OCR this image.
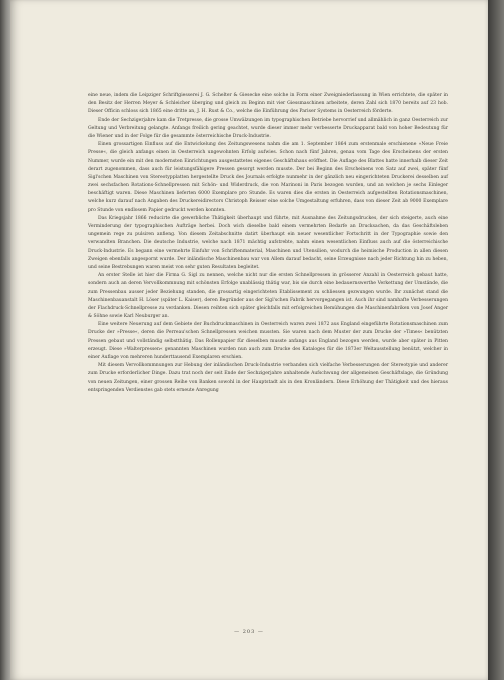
eine neue, indem die Leipziger Schriftgiesserei J. G. Schelter & Giesecke eine solche in Form einer Zweigniederlassung in Wien errichtete, die später in den Besitz der Herren Meyer & Schleicher überging und gleich zu Beginn mit vier Giessmaschinen arbeitete, deren Zahl sich 1870 bereits auf 23 hob. Dieser Officin schloss sich 1865 eine dritte an, J. H. Rust & Co., welche die Einführung des Pariser Systems in Oesterreich förderte.

Ende der Sechzigerjahre kam die Tretpresse, die grosse Umwälzungen im typographischen Betriebe hervorrief und allmählich in ganz Oesterreich zur Geltung und Verbreitung gelangte. Anfangs freilich gering geachtet, wurde dieser immer mehr verbesserte Druckapparat bald von hoher Bedeutung für die Wiener und in der Folge für die gesammte österreichische Druck-Industrie.

Einen grossartigen Einfluss auf die Entwickelung des Zeitungswesens nahm die am 1. September 1864 zum erstenmale erschienene »Neue Freie Presse«, die gleich anfangs einen in Oesterreich ungewohnten Erfolg aufwies. Schon nach fünf Jahren, genau vom Tage des Erscheinens der ersten Nummer, wurde ein mit den modernsten Einrichtungen ausgestattetes eigenes Geschäftshaus eröffnet. Die Auflage des Blattes hatte innerhalb dieser Zeit derart zugenommen, dass auch für leistungsfähigere Pressen gesorgt werden musste. Der bei Beginn des Erscheinens von Satz auf zwei, später fünf Sigl'schen Maschinen von Stereotypplatten hergestellte Druck des Journals erfolgte nunmehr in der gänzlich neu eingerichteten Druckerei desselben auf zwei sechsfachen Rotations-Schnellpressen mit Schön- und Widerdruck, die von Marinoni in Paris bezogen wurden, und an welchen je sechs Einleger beschäftigt waren. Diese Maschinen lieferten 6000 Exemplare pro Stunde. Es waren dies die ersten in Oesterreich aufgestellten Rotationsmaschinen, welche kurz darauf nach Angaben des Druckereidirectors Christoph Reisser eine solche Umgestaltung erfuhren, dass von dieser Zeit ab 9000 Exemplare pro Stunde von endlosem Papier gedruckt werden konnten.

Das Kriegsjahr 1866 reducirte die gewerbliche Thätigkeit überhaupt und führte, mit Ausnahme des Zeitungsdruckes, der sich steigerte, auch eine Verminderung der typographischen Aufträge herbei. Doch wich dieselbe bald einem vermehrten Bedarfe an Drucksachen, da das Geschäftsleben ungemein rege zu pulsiren anfieng. Von diesem Zeitabschnitte datirt überhaupt ein neuer wesentlicher Fortschritt in der Typographie sowie den verwandten Branchen. Die deutsche Industrie, welche nach 1871 mächtig aufstrebte, nahm einen wesentlichen Einfluss auch auf die österreichische Druck-Industrie. Es begann eine vermehrte Einfuhr von Schriftenmaterial, Maschinen und Utensilien, wodurch die heimische Production in allen diesen Zweigen ebenfalls angespornt wurde. Der inländische Maschinenbau war von Allem darauf bedacht, seine Erzeugnisse nach jeder Richtung hin zu heben, und seine Bestrebungen waren meist von sehr guten Resultaten begleitet.

An erster Stelle ist hier die Firma G. Sigl zu nennen, welche nicht nur die ersten Schnellpressen in grösserer Anzahl in Oesterreich gebaut hatte, sondern auch an deren Vervollkommnung mit schönsten Erfolge unablässig thätig war, bis sie durch eine bedauernswerthe Verkettung der Umstände, die zum Pressenbau ausser jeder Beziehung standen, die grossartig eingerichteten Etablissement zu schliessen gezwungen wurde. Ihr zunächst stand die Maschinenbauanstalt H. Löser (später L. Kaiser), deren Begründer aus der Sigl'schen Fabrik hervorgegangen ist. Auch ihr sind namhafte Verbesserungen der Flachdruck-Schnellpresse zu verdanken. Diesen reihten sich später gleichfalls mit erfolgreichen Bemühungen die Maschinenfabriken von Josef Anger & Söhne sowie Karl Neuburger an.

Eine weitere Neuerung auf dem Gebiete der Buchdruckmaschinen in Oesterreich waren zwei 1872 aus England eingeführte Rotationsmaschinen zum Drucke der »Presse«, deren die Perreau'schen Schnellpressen weichen mussten. Sie waren nach dem Muster der zum Drucke der »Times« benützten Pressen gebaut und vollständig selbstthätig. Das Rollenpapier für dieselben musste anfangs aus England bezogen werden, wurde aber später in Pitten erzeugt. Diese »Walterpressen« genannten Maschinen wurden nun auch zum Drucke des Kataloges für die 1873er Weltausstellung benützt, welcher in einer Auflage von mehreren hunderttausend Exemplaren erschien.

Mit diesem Vervollkommnungen zur Hebung der inländischen Druck-Industrie verbanden sich vielfache Verbesserungen der Stereotypie und anderer zum Drucke erforderlicher Dinge. Dazu trat noch der seit Ende der Sechzigerjahre anhaltende Aufschwung der allgemeinen Geschäftslage, die Gründung von neuen Zeitungen, einer grossen Reihe von Banken sowohl in der Hauptstadt als in den Kronländern. Diese Erhöhung der Thätigkeit und des hieraus entspringenden Verdienstes gab stets erneute Anregung

— 203 —
